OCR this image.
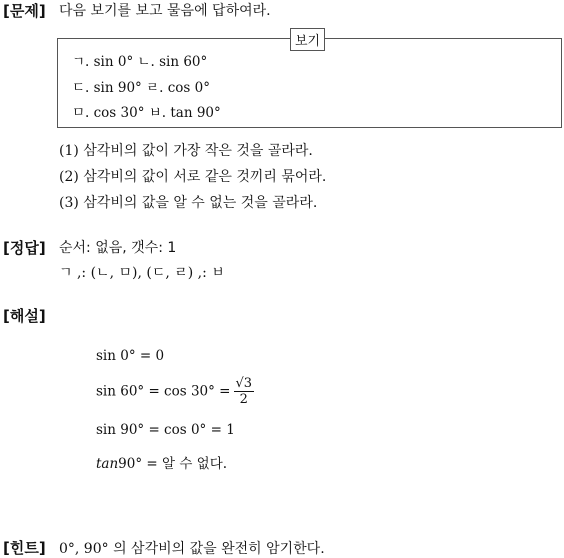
[문제] 다음 보기를 보고 물음에 답하여라.
보기
ㄱ. sin 0° ㄴ. sin 60°
ㄷ. sin 90° ㄹ. cos 0°
ㅁ. cos 30° ㅂ. tan 90°
(1) 삼각비의 값이 가장 작은 것을 골라라.
(2) 삼각비의 값이 서로 같은 것끼리 묶어라.
(3) 삼각비의 값을 알 수 없는 것을 골라라.
[정답] 순서: 없음, 갯수: 1
ㄱ ,: (ㄴ, ㅁ), (ㄷ, ㄹ) ,: ㅂ
[해설]
sin 0° = 0
$\sin 60^\circ = \cos 30^\circ = \frac{√3}{2}$
sin 90° = cos 0° = 1
tan90° = 알 수 없다.
[힌트] 0°, 90° 의 삼각비의 값을 완전히 암기한다.
